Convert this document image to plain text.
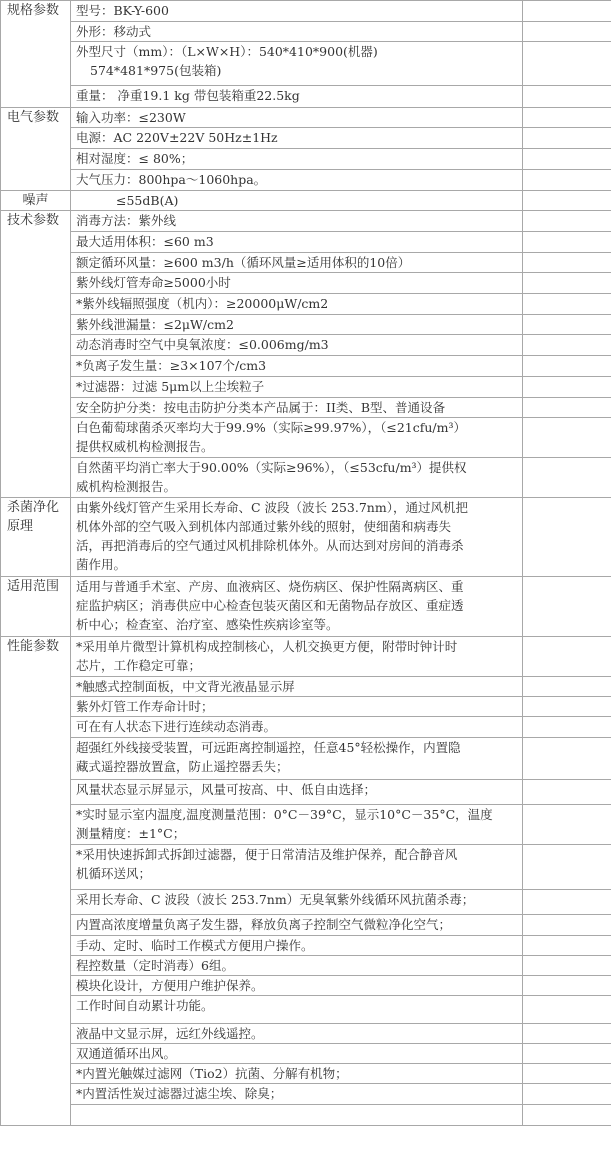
规格参数	型号：BK-Y-600	

	外形：移动式	

	外型尺寸（mm）：（L×W×H）：540*410*900(机器)
574*481*975(包装箱)	

	重量： 净重19.1 kg 带包装箱重22.5kg	

电气参数	输入功率：≤230W	

	电源：AC 220V±22V 50Hz±1Hz	

	相对湿度：≤ 80%；	

	大气压力：800hpa～1060hpa。	

噪声	≤55dB(A)	

技术参数	消毒方法：紫外线	

	最大适用体积：≤60 m3	

	额定循环风量：≥600 m3/h（循环风量≥适用体积的10倍）	

	紫外线灯管寿命≥5000小时	

	*紫外线辐照强度（机内）：≥20000μW/cm2	

	紫外线泄漏量：≤2μW/cm2	

	动态消毒时空气中臭氧浓度：≤0.006mg/m3	

	*负离子发生量：≥3×107个/cm3	

	*过滤器：过滤 5μm以上尘埃粒子	

	安全防护分类：按电击防护分类本产品属于：II类、B型、普通设备	

	白色葡萄球菌杀灭率均大于99.9%（实际≥99.97%），（≤21cfu/m³）
提供权威机构检测报告。	

	自然菌平均消亡率大于90.00%（实际≥96%），（≤53cfu/m³）提供权
威机构检测报告。	

杀菌净化原理	由紫外线灯管产生采用长寿命、C 波段（波长 253.7nm），通过风机把
机体外部的空气吸入到机体内部通过紫外线的照射，使细菌和病毒失
活，再把消毒后的空气通过风机排除机体外。从而达到对房间的消毒杀
菌作用。	

适用范围	适用与普通手术室、产房、血液病区、烧伤病区、保护性隔离病区、重
症监护病区；消毒供应中心检查包装灭菌区和无菌物品存放区、重症透
析中心；检查室、治疗室、感染性疾病诊室等。	

性能参数	*采用单片微型计算机构成控制核心，人机交换更方便，附带时钟计时
芯片，工作稳定可靠；	

	*触感式控制面板，中文背光液晶显示屏	

	紫外灯管工作寿命计时；	

	可在有人状态下进行连续动态消毒。	

	超强红外线接受装置，可远距离控制遥控，任意45°轻松操作，内置隐
藏式遥控器放置盒，防止遥控器丢失；	

	风量状态显示屏显示，风量可按高、中、低自由选择；	

	*实时显示室内温度,温度测量范围：0°C－39°C，显示10°C－35°C，温度
测量精度：±1°C；	

	*采用快速拆卸式拆卸过滤器，便于日常清洁及维护保养，配合静音风
机循环送风；	

	采用长寿命、C 波段（波长 253.7nm）无臭氧紫外线循环风抗菌杀毒；	

	内置高浓度增量负离子发生器，释放负离子控制空气微粒净化空气；	

	手动、定时、临时工作模式方便用户操作。	

	程控数量（定时消毒）6组。	

	模块化设计，方便用户维护保养。	

	工作时间自动累计功能。	

	液晶中文显示屏，远红外线遥控。	

	双通道循环出风。	

	*内置光触媒过滤网（Tio2）抗菌、分解有机物；	

	*内置活性炭过滤器过滤尘埃、除臭；	
